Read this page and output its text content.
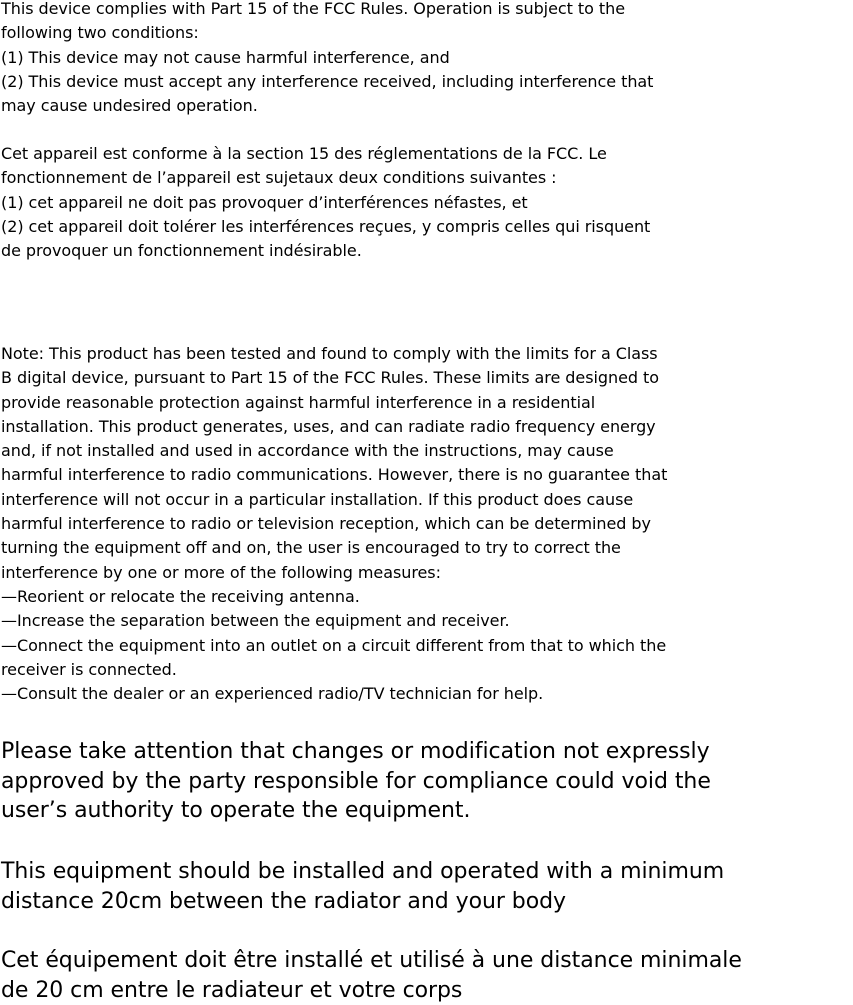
This device complies with Part 15 of the FCC Rules. Operation is subject to the
following two conditions:
(1) This device may not cause harmful interference, and
(2) This device must accept any interference received, including interference that
may cause undesired operation.
Cet appareil est conforme à la section 15 des réglementations de la FCC. Le
fonctionnement de l’appareil est sujetaux deux conditions suivantes :
(1) cet appareil ne doit pas provoquer d’interférences néfastes, et
(2) cet appareil doit tolérer les interférences reçues, y compris celles qui risquent
de provoquer un fonctionnement indésirable.
Note: This product has been tested and found to comply with the limits for a Class
B digital device, pursuant to Part 15 of the FCC Rules. These limits are designed to
provide reasonable protection against harmful interference in a residential
installation. This product generates, uses, and can radiate radio frequency energy
and, if not installed and used in accordance with the instructions, may cause
harmful interference to radio communications. However, there is no guarantee that
interference will not occur in a particular installation. If this product does cause
harmful interference to radio or television reception, which can be determined by
turning the equipment off and on, the user is encouraged to try to correct the
interference by one or more of the following measures:
—Reorient or relocate the receiving antenna.
—Increase the separation between the equipment and receiver.
—Connect the equipment into an outlet on a circuit different from that to which the
receiver is connected.
—Consult the dealer or an experienced radio/TV technician for help.
Please take attention that changes or modification not expressly
approved by the party responsible for compliance could void the
user’s authority to operate the equipment.
This equipment should be installed and operated with a minimum
distance 20cm between the radiator and your body
Cet équipement doit être installé et utilisé à une distance minimale
de 20 cm entre le radiateur et votre corps
